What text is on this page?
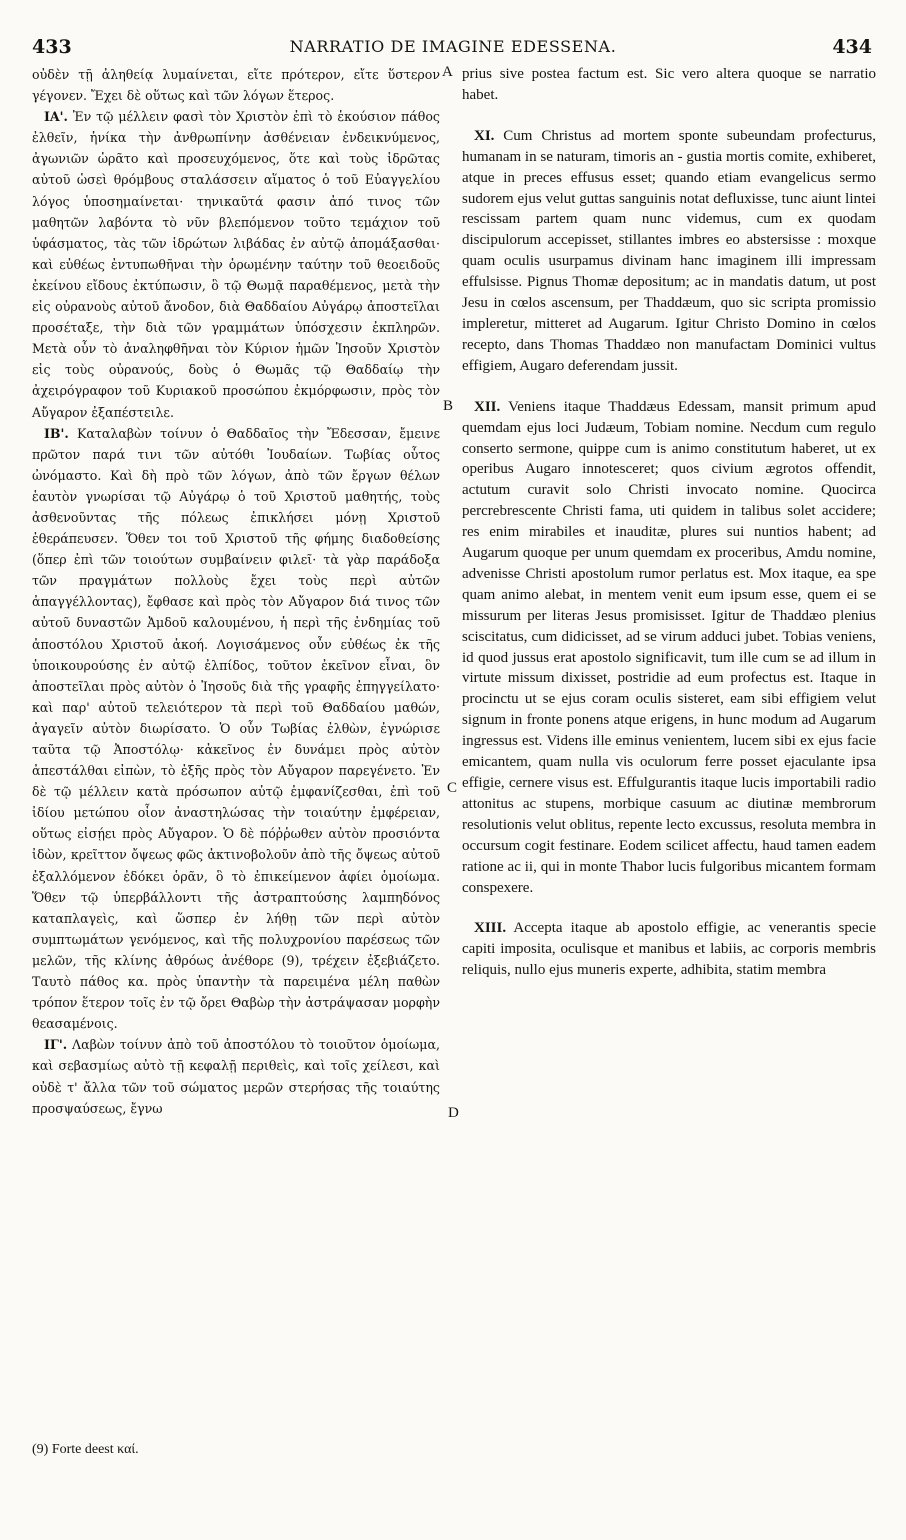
433	NARRATIO DE IMAGINE EDESSENA.	434

οὐδὲν τῇ ἀληθείᾳ λυμαίνεται, εἴτε πρότερον, εἴτε ὕστερον γέγονεν. Ἔχει δὲ οὕτως καὶ τῶν λόγων ἕτερος.

ΙΑ'. Ἐν τῷ μέλλειν φασὶ τὸν Χριστὸν ἐπὶ τὸ ἑκούσιον πάθος ἐλθεῖν, ἡνίκα τὴν ἀνθρωπίνην ἀσθένειαν ἐνδεικνύμενος, ἀγωνιῶν ὡρᾶτο καὶ προσευχόμενος, ὅτε καὶ τοὺς ἱδρῶτας αὐτοῦ ὡσεὶ θρόμβους σταλάσσειν αἵματος ὁ τοῦ Εὐαγγελίου λόγος ὑποσημαίνεται· τηνικαῦτά φασιν ἀπό τινος τῶν μαθητῶν λαβόντα τὸ νῦν βλεπόμενον τοῦτο τεμάχιον τοῦ ὑφάσματος, τὰς τῶν ἱδρώτων λιβάδας ἐν αὐτῷ ἀπομάξασθαι· καὶ εὐθέως ἐντυπωθῆναι τὴν ὁρωμένην ταύτην τοῦ θεοειδοῦς ἐκείνου εἴδους ἐκτύπωσιν, ὃ τῷ Θωμᾷ παραθέμενος, μετὰ τὴν εἰς οὐρανοὺς αὐτοῦ ἄνοδον, διὰ Θαδδαίου Αὐγάρῳ ἀποστεῖλαι προσέταξε, τὴν διὰ τῶν γραμμάτων ὑπόσχεσιν ἐκπληρῶν. Μετὰ οὖν τὸ ἀναληφθῆναι τὸν Κύριον ἡμῶν Ἰησοῦν Χριστὸν εἰς τοὺς οὐρανούς, δοὺς ὁ Θωμᾶς τῷ Θαδδαίῳ τὴν ἀχειρόγραφον τοῦ Κυριακοῦ προσώπου ἐκμόρφωσιν, πρὸς τὸν Αὔγαρον ἐξαπέστειλε.

ΙΒ'. Καταλαβὼν τοίνυν ὁ Θαδδαῖος τὴν Ἔδεσσαν, ἔμεινε πρῶτον παρά τινι τῶν αὐτόθι Ἰουδαίων. Τωβίας οὗτος ὠνόμαστο. Καὶ δὴ πρὸ τῶν λόγων, ἀπὸ τῶν ἔργων θέλων ἑαυτὸν γνωρίσαι τῷ Αὐγάρῳ ὁ τοῦ Χριστοῦ μαθητής, τοὺς ἀσθενοῦντας τῆς πόλεως ἐπικλήσει μόνῃ Χριστοῦ ἐθεράπευσεν. Ὅθεν τοι τοῦ Χριστοῦ τῆς φήμης διαδοθείσης (ὅπερ ἐπὶ τῶν τοιούτων συμβαίνειν φιλεῖ· τὰ γὰρ παράδοξα τῶν πραγμάτων πολλοὺς ἔχει τοὺς περὶ αὐτῶν ἀπαγγέλλοντας), ἔφθασε καὶ πρὸς τὸν Αὔγαρον διά τινος τῶν αὐτοῦ δυναστῶν Ἀμδοῦ καλουμένου, ἡ περὶ τῆς ἐνδημίας τοῦ ἀποστόλου Χριστοῦ ἀκοή. Λογισάμενος οὖν εὐθέως ἐκ τῆς ὑποικουρούσης ἐν αὐτῷ ἐλπίδος, τοῦτον ἐκεῖνον εἶναι, ὃν ἀποστεῖλαι πρὸς αὐτὸν ὁ Ἰησοῦς διὰ τῆς γραφῆς ἐπηγγείλατο· καὶ παρ' αὐτοῦ τελειότερον τὰ περὶ τοῦ Θαδδαίου μαθών, ἀγαγεῖν αὐτὸν διωρίσατο. Ὁ οὖν Τωβίας ἐλθὼν, ἐγνώρισε ταῦτα τῷ Ἀποστόλῳ· κἀκεῖνος ἐν δυνάμει πρὸς αὐτὸν ἀπεστάλθαι εἰπὼν, τὸ ἐξῆς πρὸς τὸν Αὔγαρον παρεγένετο. Ἐν δὲ τῷ μέλλειν κατὰ πρόσωπον αὐτῷ ἐμφανίζεσθαι, ἐπὶ τοῦ ἰδίου μετώπου οἷον ἀναστηλώσας τὴν τοιαύτην ἐμφέρειαν, οὕτως εἰσῄει πρὸς Αὔγαρον. Ὁ δὲ πόῤῥωθεν αὐτὸν προσιόντα ἰδὼν, κρεῖττον ὄψεως φῶς ἀκτινοβολοῦν ἀπὸ τῆς ὄψεως αὐτοῦ ἐξαλλόμενον ἐδόκει ὁρᾶν, ὃ τὸ ἐπικείμενον ἀφίει ὁμοίωμα. Ὅθεν τῷ ὑπερβάλλοντι τῆς ἀστραπτούσης λαμπηδόνος καταπλαγεὶς, καὶ ὥσπερ ἐν λήθῃ τῶν περὶ αὐτὸν συμπτωμάτων γενόμενος, καὶ τῆς πολυχρονίου παρέσεως τῶν μελῶν, τῆς κλίνης ἀθρόως ἀνέθορε (9), τρέχειν ἐξεβιάζετο. Ταυτὸ πάθος κα. πρὸς ὑπαντὴν τὰ παρειμένα μέλη παθὼν τρόπον ἕτερον τοῖς ἐν τῷ ὄρει Θαβὼρ τὴν ἀστράψασαν μορφὴν θεασαμένοις.

ΙΓ'. Λαβὼν τοίνυν ἀπὸ τοῦ ἀποστόλου τὸ τοιοῦτον ὁμοίωμα, καὶ σεβασμίως αὐτὸ τῇ κεφαλῇ περιθεὶς, καὶ τοῖς χείλεσι, καὶ οὐδὲ τ' ἄλλα τῶν τοῦ σώματος μερῶν στερήσας τῆς τοιαύτης προσψαύσεως, ἔγνω

A
B
C
D

prius sive postea factum est. Sic vero altera quoque se narratio habet.

XI. Cum Christus ad mortem sponte subeundam profecturus, humanam in se naturam, timoris an - gustia mortis comite, exhiberet, atque in preces effusus esset; quando etiam evangelicus sermo sudorem ejus velut guttas sanguinis notat defluxisse, tunc aiunt lintei rescissam partem quam nunc videmus, cum ex quodam discipulorum accepisset, stillantes imbres eo abstersisse : moxque quam oculis usurpamus divinam hanc imaginem illi impressam effulsisse. Pignus Thomæ depositum; ac in mandatis datum, ut post Jesu in cœlos ascensum, per Thaddæum, quo sic scripta promissio impleretur, mitteret ad Augarum. Igitur Christo Domino in cœlos recepto, dans Thomas Thaddæo non manufactam Dominici vultus effigiem, Augaro deferendam jussit.

XII. Veniens itaque Thaddæus Edessam, mansit primum apud quemdam ejus loci Judæum, Tobiam nomine. Necdum cum regulo conserto sermone, quippe cum is animo constitutum haberet, ut ex operibus Augaro innotesceret; quos civium ægrotos offendit, actutum curavit solo Christi invocato nomine. Quocirca percrebrescente Christi fama, uti quidem in talibus solet accidere; res enim mirabiles et inauditæ, plures sui nuntios habent; ad Augarum quoque per unum quemdam ex proceribus, Amdu nomine, advenisse Christi apostolum rumor perlatus est. Mox itaque, ea spe quam animo alebat, in mentem venit eum ipsum esse, quem ei se missurum per literas Jesus promisisset. Igitur de Thaddæo plenius sciscitatus, cum didicisset, ad se virum adduci jubet. Tobias veniens, id quod jussus erat apostolo significavit, tum ille cum se ad illum in virtute missum dixisset, postridie ad eum profectus est. Itaque in procinctu ut se ejus coram oculis sisteret, eam sibi effigiem velut signum in fronte ponens atque erigens, in hunc modum ad Augarum ingressus est. Videns ille eminus venientem, lucem sibi ex ejus facie emicantem, quam nulla vis oculorum ferre posset ejaculante ipsa effigie, cernere visus est. Effulgurantis itaque lucis importabili radio attonitus ac stupens, morbique casuum ac diutinæ membrorum resolutionis velut oblitus, repente lecto excussus, resoluta membra in occursum cogit festinare. Eodem scilicet affectu, haud tamen eadem ratione ac ii, qui in monte Thabor lucis fulgoribus micantem formam conspexere.

XIII. Accepta itaque ab apostolo effigie, ac venerantis specie capiti imposita, oculisque et manibus et labiis, ac corporis membris reliquis, nullo ejus muneris experte, adhibita, statim membra

(9) Forte deest καί.
